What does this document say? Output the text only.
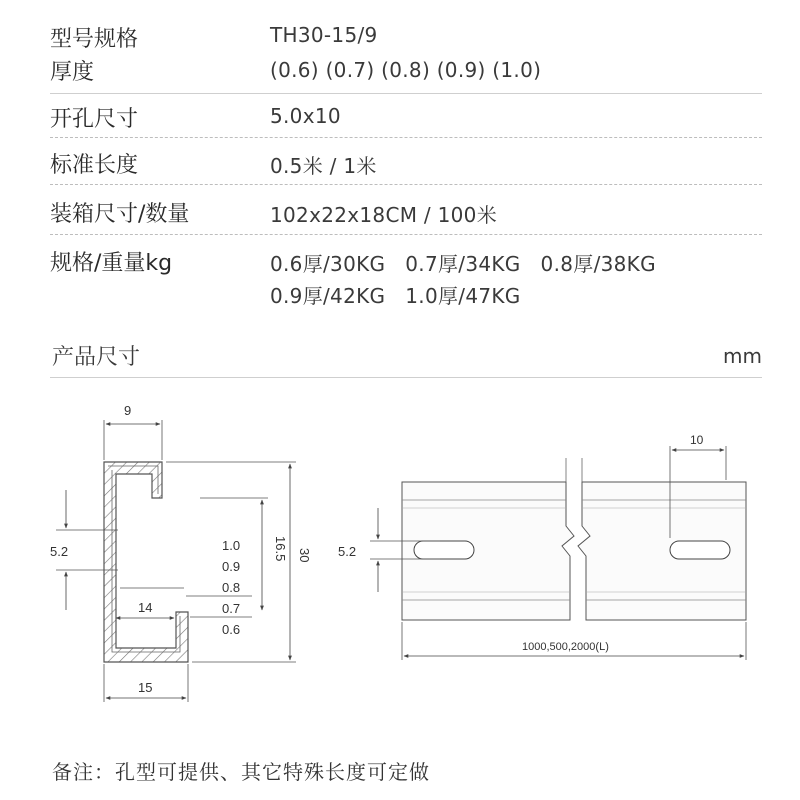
型号规格	TH30-15/9
厚度	(0.6) (0.7) (0.8) (0.9) (1.0)
开孔尺寸	5.0x10
标准长度	0.5米 / 1米
装箱尺寸/数量	102x22x18CM / 100米
规格/重量kg	0.6厚/30KG   0.7厚/34KG   0.8厚/38KG
0.9厚/42KG   1.0厚/47KG
产品尺寸	mm
9
5.2
14
15
1.0
0.9
0.8
0.7
0.6
16.5 30
10
5.2
1000,500,2000(L)
备注：孔型可提供、其它特殊长度可定做
